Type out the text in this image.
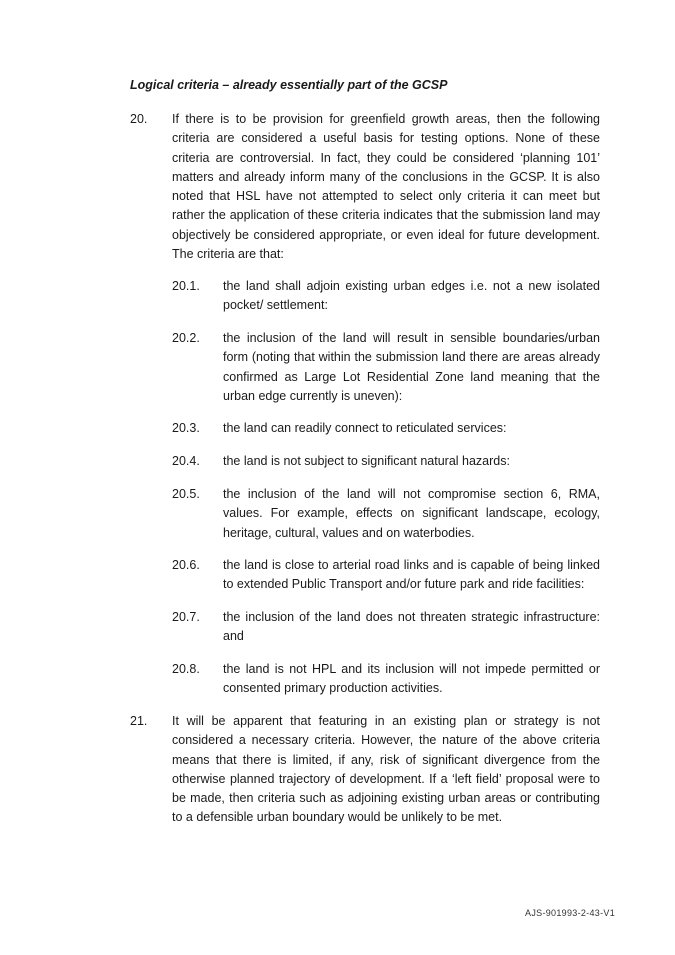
Logical criteria – already essentially part of the GCSP
20. If there is to be provision for greenfield growth areas, then the following criteria are considered a useful basis for testing options. None of these criteria are controversial. In fact, they could be considered ‘planning 101’ matters and already inform many of the conclusions in the GCSP. It is also noted that HSL have not attempted to select only criteria it can meet but rather the application of these criteria indicates that the submission land may objectively be considered appropriate, or even ideal for future development. The criteria are that:

20.1. the land shall adjoin existing urban edges i.e. not a new isolated pocket/ settlement:

20.2. the inclusion of the land will result in sensible boundaries/urban form (noting that within the submission land there are areas already confirmed as Large Lot Residential Zone land meaning that the urban edge currently is uneven):

20.3. the land can readily connect to reticulated services:

20.4. the land is not subject to significant natural hazards:

20.5. the inclusion of the land will not compromise section 6, RMA, values. For example, effects on significant landscape, ecology, heritage, cultural, values and on waterbodies.

20.6. the land is close to arterial road links and is capable of being linked to extended Public Transport and/or future park and ride facilities:

20.7. the inclusion of the land does not threaten strategic infrastructure: and

20.8. the land is not HPL and its inclusion will not impede permitted or consented primary production activities.

21. It will be apparent that featuring in an existing plan or strategy is not considered a necessary criteria. However, the nature of the above criteria means that there is limited, if any, risk of significant divergence from the otherwise planned trajectory of development. If a ‘left field’ proposal were to be made, then criteria such as adjoining existing urban areas or contributing to a defensible urban boundary would be unlikely to be met.

AJS-901993-2-43-V1
